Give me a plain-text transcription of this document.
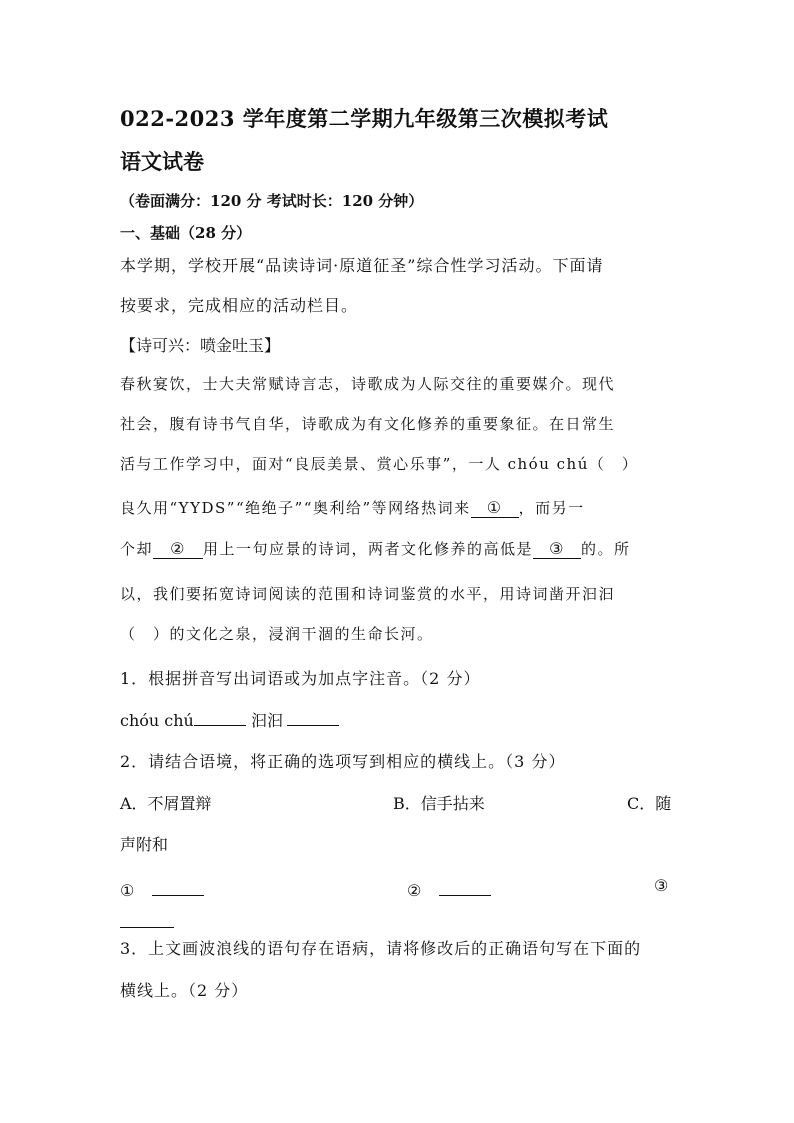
022-2023 学年度第二学期九年级第三次模拟考试
语文试卷
（卷面满分：120 分 考试时长：120 分钟）
一、基础（28 分）
本学期，学校开展“品读诗词·原道征圣”综合性学习活动。下面请
按要求，完成相应的活动栏目。
【诗可兴：喷金吐玉】
春秋宴饮，士大夫常赋诗言志，诗歌成为人际交往的重要媒介。现代
社会，腹有诗书气自华，诗歌成为有文化修养的重要象征。在日常生
活与工作学习中，面对“良辰美景、赏心乐事”，一人 chóu chú（　）
良久用“YYDS”“绝绝子”“奥利给”等网络热词来 ① ，而另一
个却 ② 用上一句应景的诗词，两者文化修养的高低是 ③ 的。所
以，我们要拓宽诗词阅读的范围和诗词鉴赏的水平，用诗词凿开汩汩
（　）的文化之泉，浸润干涸的生命长河。
1．根据拼音写出词语或为加点字注音。（2 分）
chóu chú	汩汩
2．请结合语境，将正确的选项写到相应的横线上。（3 分）
A．不屑置辩	B．信手拈来	C．随
声附和
①	②	③
3．上文画波浪线的语句存在语病，请将修改后的正确语句写在下面的
横线上。（2 分）
